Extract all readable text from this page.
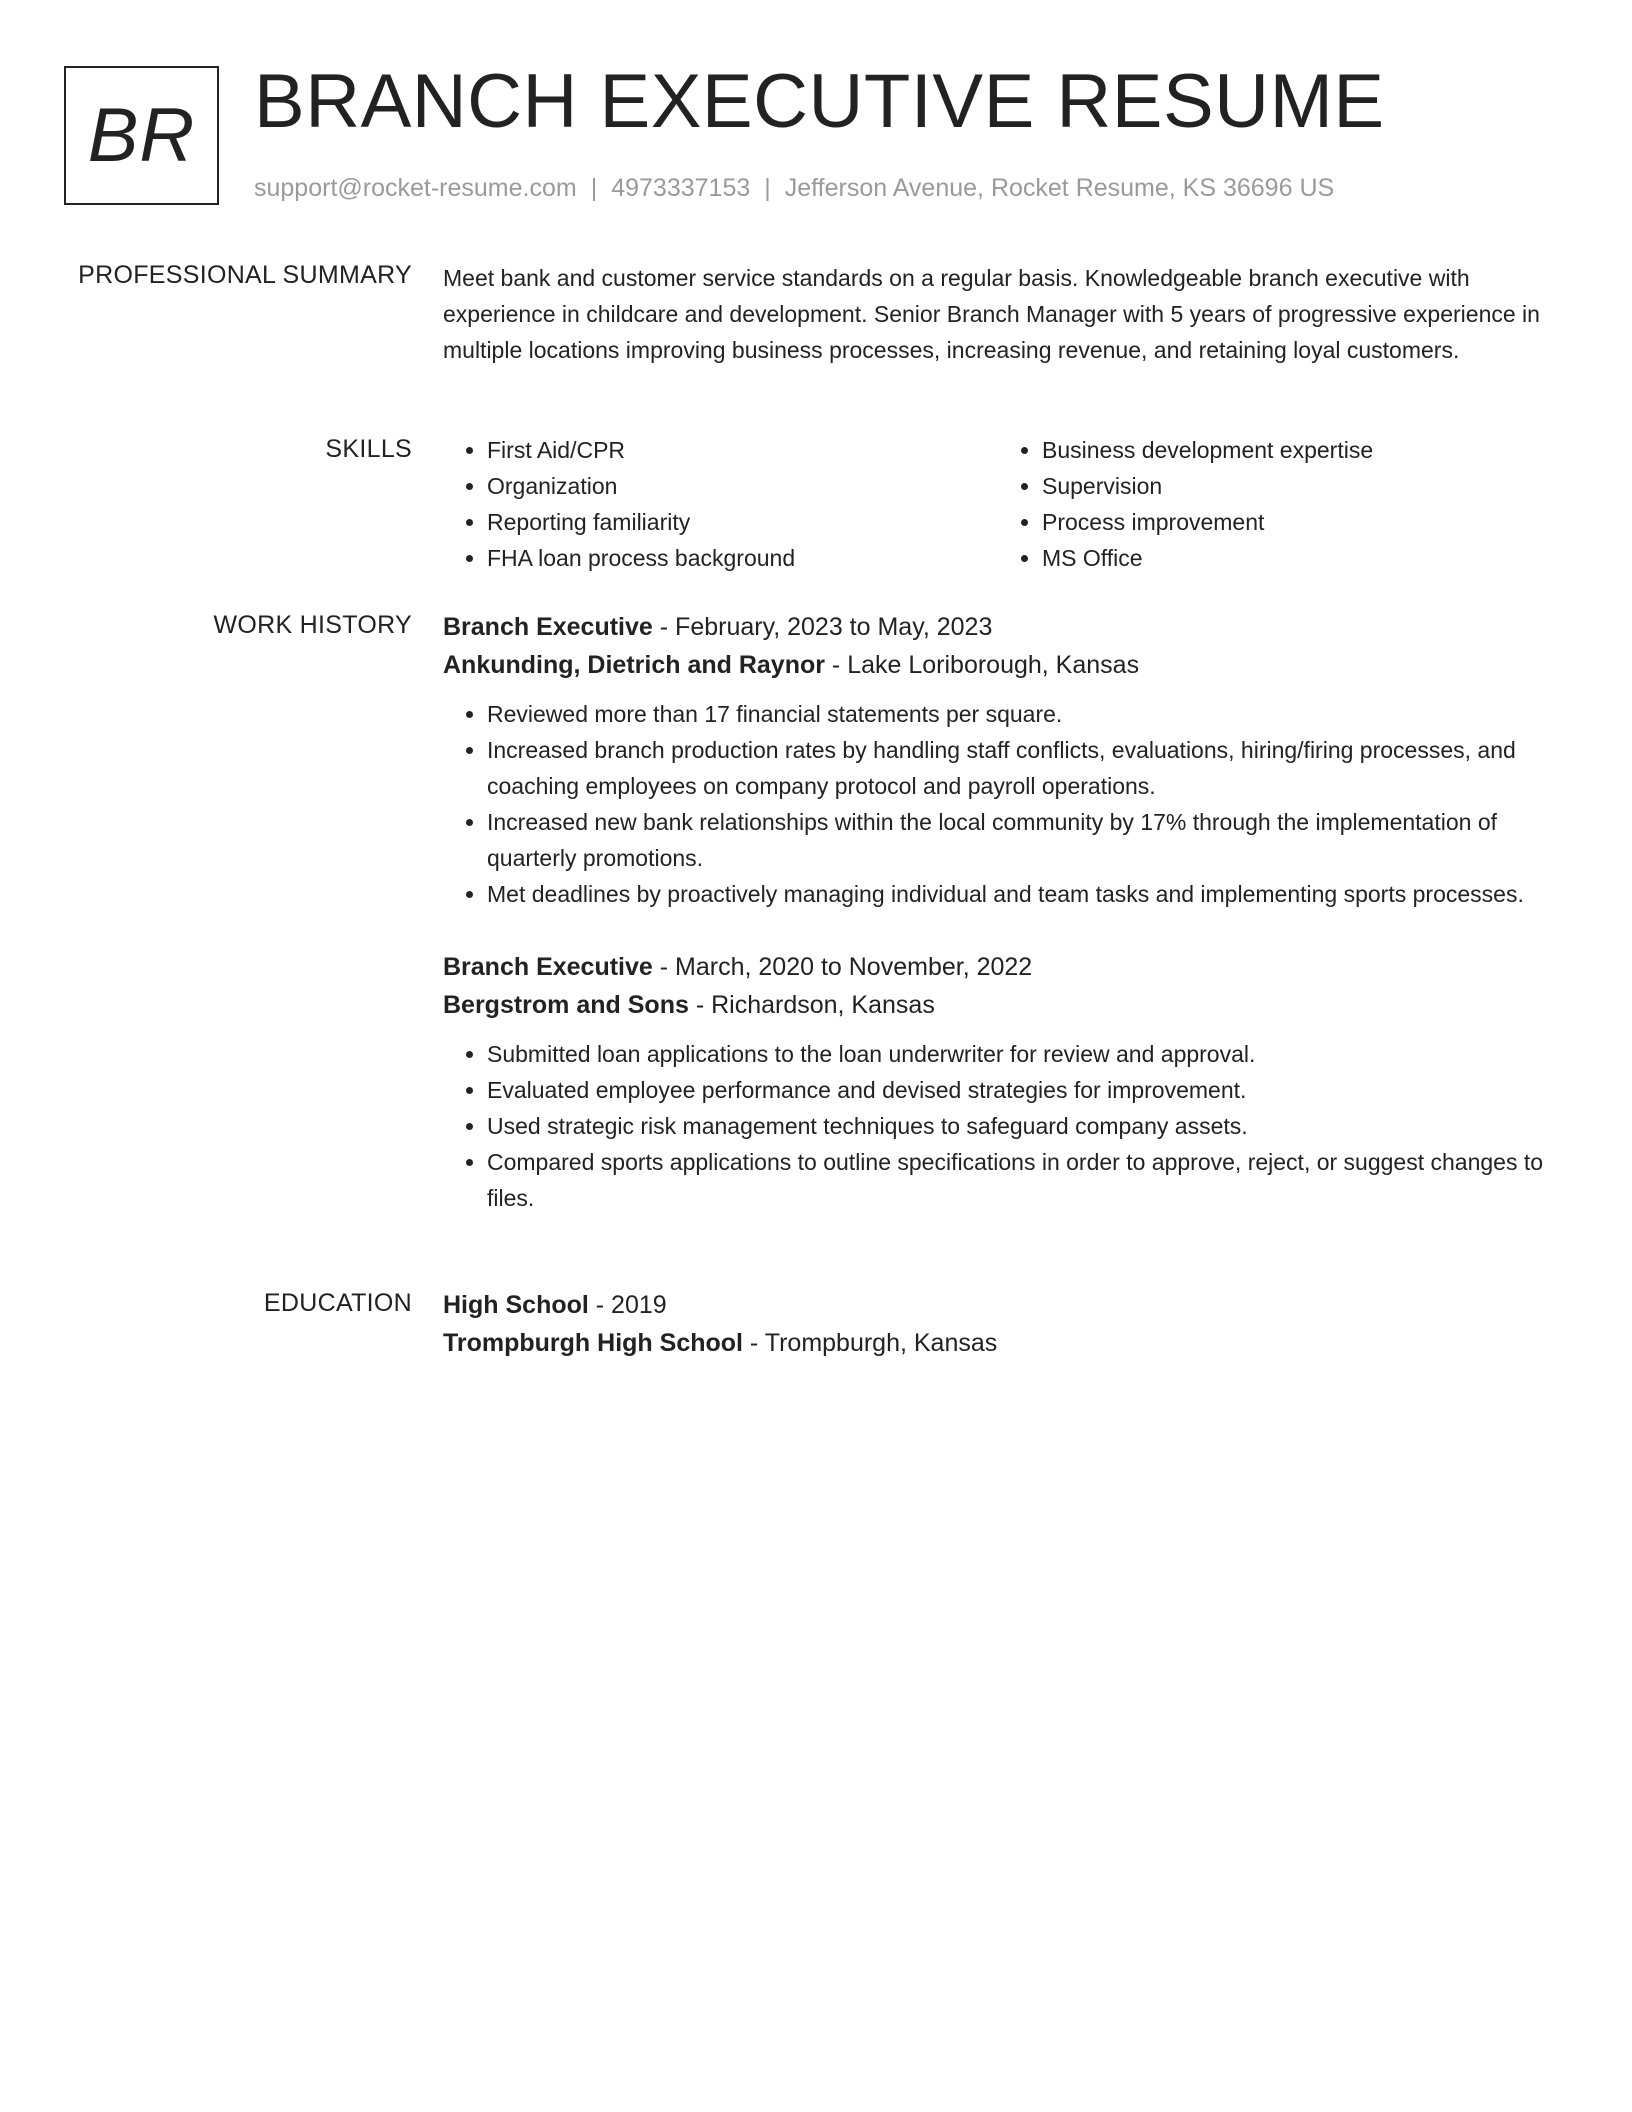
BR BRANCH EXECUTIVE RESUME
support@rocket-resume.com | 4973337153 | Jefferson Avenue, Rocket Resume, KS 36696 US
PROFESSIONAL SUMMARY Meet bank and customer service standards on a regular basis. Knowledgeable branch executive with experience in childcare and development. Senior Branch Manager with 5 years of progressive experience in multiple locations improving business processes, increasing revenue, and retaining loyal customers.

SKILLS
•	First Aid/CPR
• Organization
• Reporting familiarity
• FHA loan process background
• Business development expertise
• Supervision
• Process improvement
• MS Office
WORK HISTORY Branch Executive - February, 2023 to May, 2023
Ankunding, Dietrich and Raynor - Lake Loriborough, Kansas
• Reviewed more than 17 financial statements per square.
• Increased branch production rates by handling staff conflicts, evaluations, hiring/firing processes, and coaching employees on company protocol and payroll operations.
• Increased new bank relationships within the local community by 17% through the implementation of quarterly promotions.
• Met deadlines by proactively managing individual and team tasks and implementing sports processes.
Branch Executive - March, 2020 to November, 2022
Bergstrom and Sons - Richardson, Kansas
• Submitted loan applications to the loan underwriter for review and approval.
• Evaluated employee performance and devised strategies for improvement.
• Used strategic risk management techniques to safeguard company assets.
• Compared sports applications to outline specifications in order to approve, reject, or suggest changes to files.
EDUCATION High School - 2019
Trompburgh High School - Trompburgh, Kansas
